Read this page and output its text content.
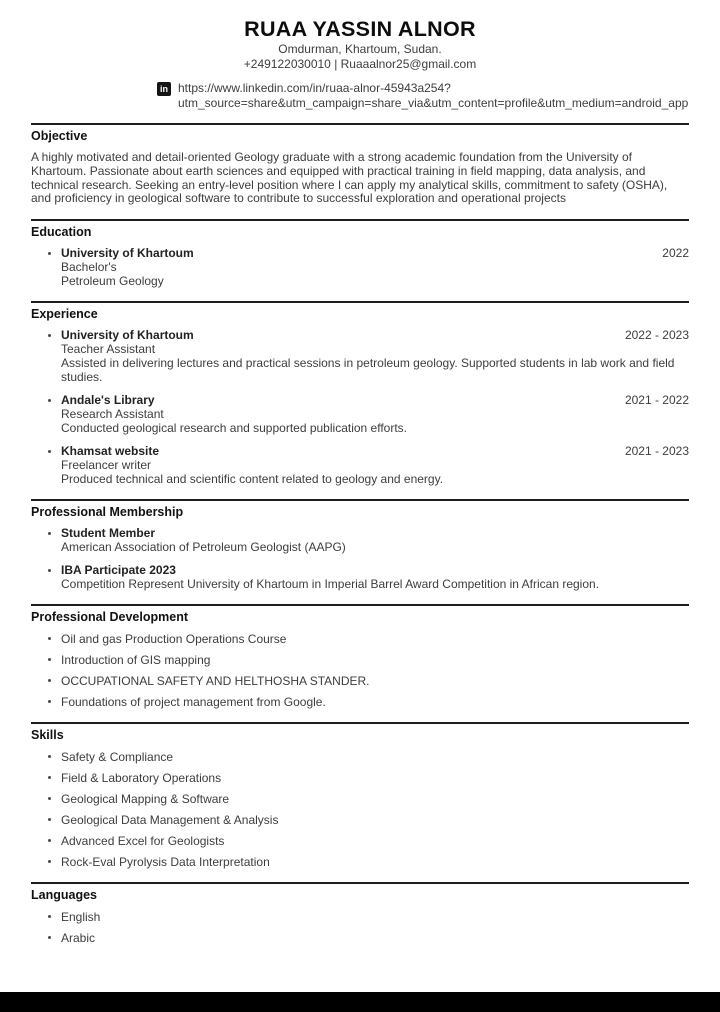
RUAA YASSIN ALNOR
Omdurman, Khartoum, Sudan.
+249122030010 | Ruaaalnor25@gmail.com
in https://www.linkedin.com/in/ruaa-alnor-45943a254?
utm_source=share&utm_campaign=share_via&utm_content=profile&utm_medium=android_app
Objective

A highly motivated and detail-oriented Geology graduate with a strong academic foundation from the University of Khartoum. Passionate about earth sciences and equipped with practical training in field mapping, data analysis, and technical research. Seeking an entry-level position where I can apply my analytical skills, commitment to safety (OSHA), and proficiency in geological software to contribute to successful exploration and operational projects

Education
University of Khartoum	2022
Bachelor's
Petroleum Geology
Experience
University of Khartoum	2022 - 2023
Teacher Assistant
Assisted in delivering lectures and practical sessions in petroleum geology. Supported students in lab work and field studies.
Andale's Library	2021 - 2022
Research Assistant
Conducted geological research and supported publication efforts.
Khamsat website	2021 - 2023
Freelancer writer
Produced technical and scientific content related to geology and energy.
Professional Membership
Student Member
American Association of Petroleum Geologist (AAPG)
IBA Participate 2023
Competition Represent University of Khartoum in Imperial Barrel Award Competition in African region.
Professional Development
Oil and gas Production Operations Course
Introduction of GIS mapping
OCCUPATIONAL SAFETY AND HELTHOSHA STANDER.
Foundations of project management from Google.
Skills
Safety & Compliance
Field & Laboratory Operations
Geological Mapping & Software
Geological Data Management & Analysis
Advanced Excel for Geologists
Rock-Eval Pyrolysis Data Interpretation
Languages
English
Arabic
